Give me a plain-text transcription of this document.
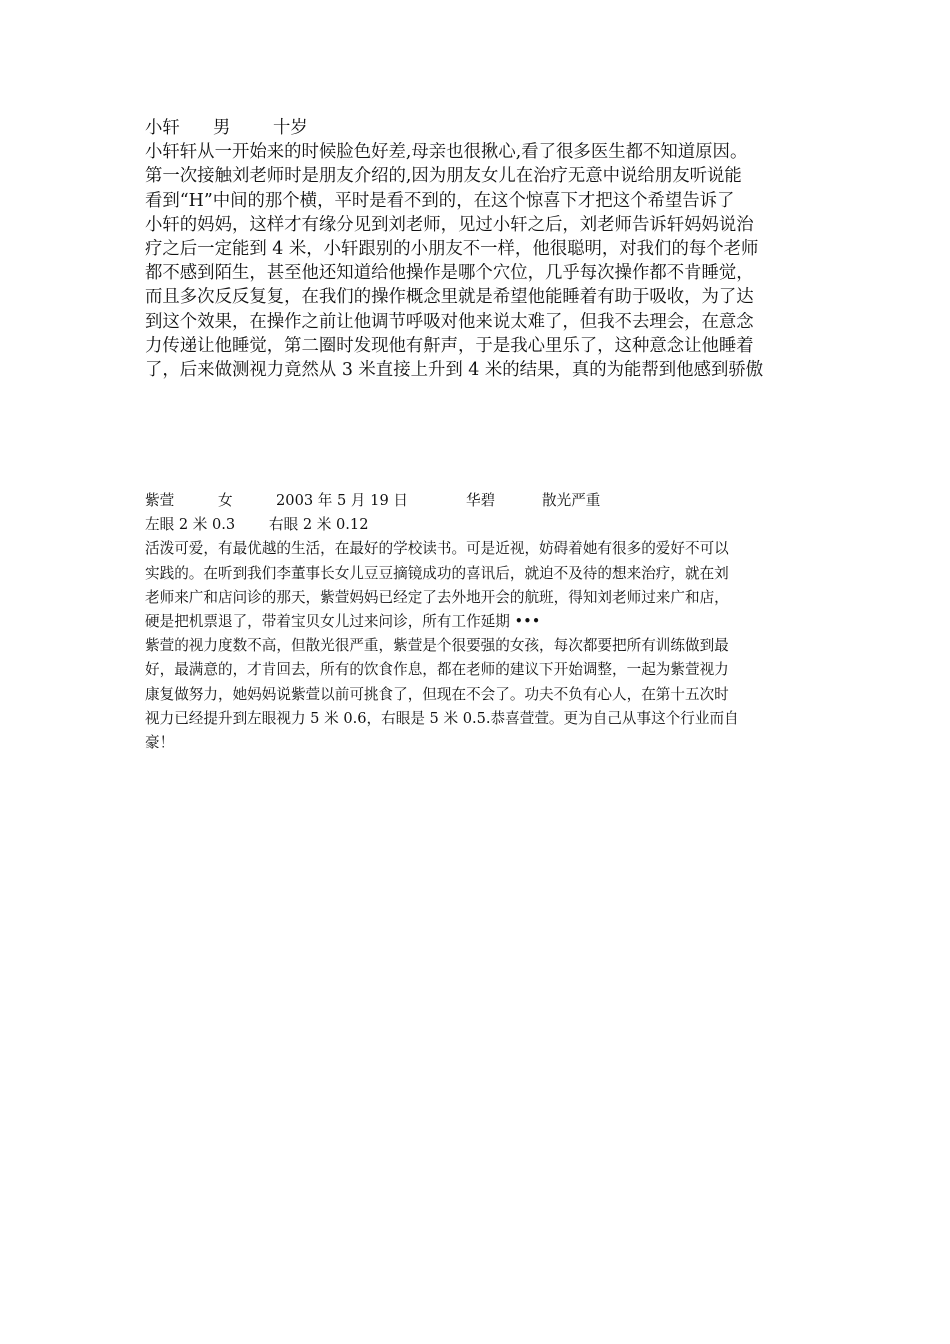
小轩	男	十岁
小轩轩从一开始来的时候脸色好差,母亲也很揪心,看了很多医生都不知道原因。
第一次接触刘老师时是朋友介绍的,因为朋友女儿在治疗无意中说给朋友听说能
看到“H”中间的那个横，平时是看不到的，在这个惊喜下才把这个希望告诉了
小轩的妈妈，这样才有缘分见到刘老师，见过小轩之后，刘老师告诉轩妈妈说治
疗之后一定能到 4 米，小轩跟别的小朋友不一样，他很聪明，对我们的每个老师
都不感到陌生，甚至他还知道给他操作是哪个穴位，几乎每次操作都不肯睡觉，
而且多次反反复复，在我们的操作概念里就是希望他能睡着有助于吸收，为了达
到这个效果，在操作之前让他调节呼吸对他来说太难了，但我不去理会，在意念
力传递让他睡觉，第二圈时发现他有鼾声，于是我心里乐了，这种意念让他睡着
了，后来做测视力竟然从 3 米直接上升到 4 米的结果，真的为能帮到他感到骄傲
紫萱	女	2003 年 5 月 19 日	华碧	散光严重
左眼 2 米 0.3	右眼 2 米 0.12
活泼可爱，有最优越的生活，在最好的学校读书。可是近视，妨碍着她有很多的爱好不可以
实践的。在听到我们李董事长女儿豆豆摘镜成功的喜讯后，就迫不及待的想来治疗，就在刘
老师来广和店问诊的那天，紫萱妈妈已经定了去外地开会的航班，得知刘老师过来广和店，
硬是把机票退了，带着宝贝女儿过来问诊，所有工作延期 •••
紫萱的视力度数不高，但散光很严重，紫萱是个很要强的女孩，每次都要把所有训练做到最
好，最满意的，才肯回去，所有的饮食作息，都在老师的建议下开始调整，一起为紫萱视力
康复做努力，她妈妈说紫萱以前可挑食了，但现在不会了。功夫不负有心人，在第十五次时
视力已经提升到左眼视力 5 米 0.6，右眼是 5 米 0.5.恭喜萱萱。更为自己从事这个行业而自
豪！
